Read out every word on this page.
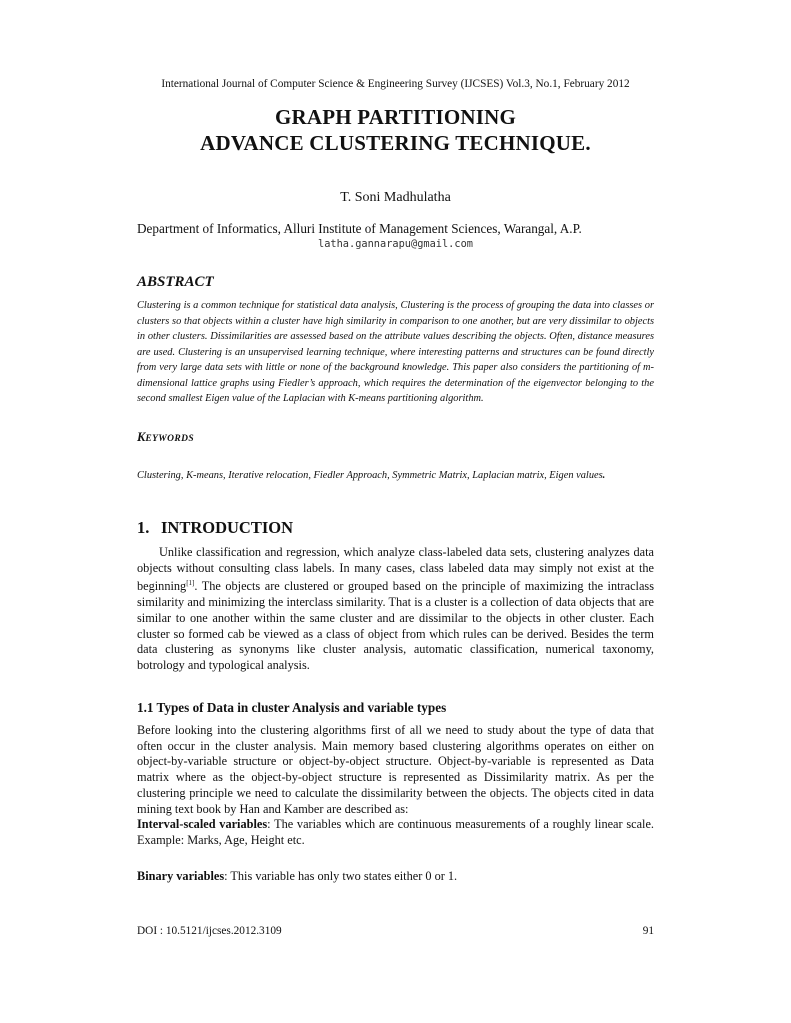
International Journal of Computer Science & Engineering Survey (IJCSES) Vol.3, No.1, February 2012
GRAPH PARTITIONING
ADVANCE CLUSTERING TECHNIQUE.
T. Soni Madhulatha
Department of Informatics, Alluri Institute of Management Sciences, Warangal, A.P.
latha.gannarapu@gmail.com
ABSTRACT
Clustering is a common technique for statistical data analysis, Clustering is the process of grouping the data into classes or clusters so that objects within a cluster have high similarity in comparison to one another, but are very dissimilar to objects in other clusters. Dissimilarities are assessed based on the attribute values describing the objects. Often, distance measures are used. Clustering is an unsupervised learning technique, where interesting patterns and structures can be found directly from very large data sets with little or none of the background knowledge. This paper also considers the partitioning of m-dimensional lattice graphs using Fiedler’s approach, which requires the determination of the eigenvector belonging to the second smallest Eigen value of the Laplacian with K-means partitioning algorithm.
KEYWORDS
Clustering, K-means, Iterative relocation, Fiedler Approach, Symmetric Matrix, Laplacian matrix, Eigen values.
1. INTRODUCTION
Unlike classification and regression, which analyze class-labeled data sets, clustering analyzes data objects without consulting class labels. In many cases, class labeled data may simply not exist at the beginning[1]. The objects are clustered or grouped based on the principle of maximizing the intraclass similarity and minimizing the interclass similarity. That is a cluster is a collection of data objects that are similar to one another within the same cluster and are dissimilar to the objects in other cluster. Each cluster so formed cab be viewed as a class of object from which rules can be derived. Besides the term data clustering as synonyms like cluster analysis, automatic classification, numerical taxonomy, botrology and typological analysis.
1.1 Types of Data in cluster Analysis and variable types
Before looking into the clustering algorithms first of all we need to study about the type of data that often occur in the cluster analysis. Main memory based clustering algorithms operates on either on object-by-variable structure or object-by-object structure. Object-by-variable is represented as Data matrix where as the object-by-object structure is represented as Dissimilarity matrix. As per the clustering principle we need to calculate the dissimilarity between the objects. The objects cited in data mining text book by Han and Kamber are described as:
Interval-scaled variables: The variables which are continuous measurements of a roughly linear scale. Example: Marks, Age, Height etc.
Binary variables: This variable has only two states either 0 or 1.
DOI : 10.5121/ijcses.2012.3109	91
